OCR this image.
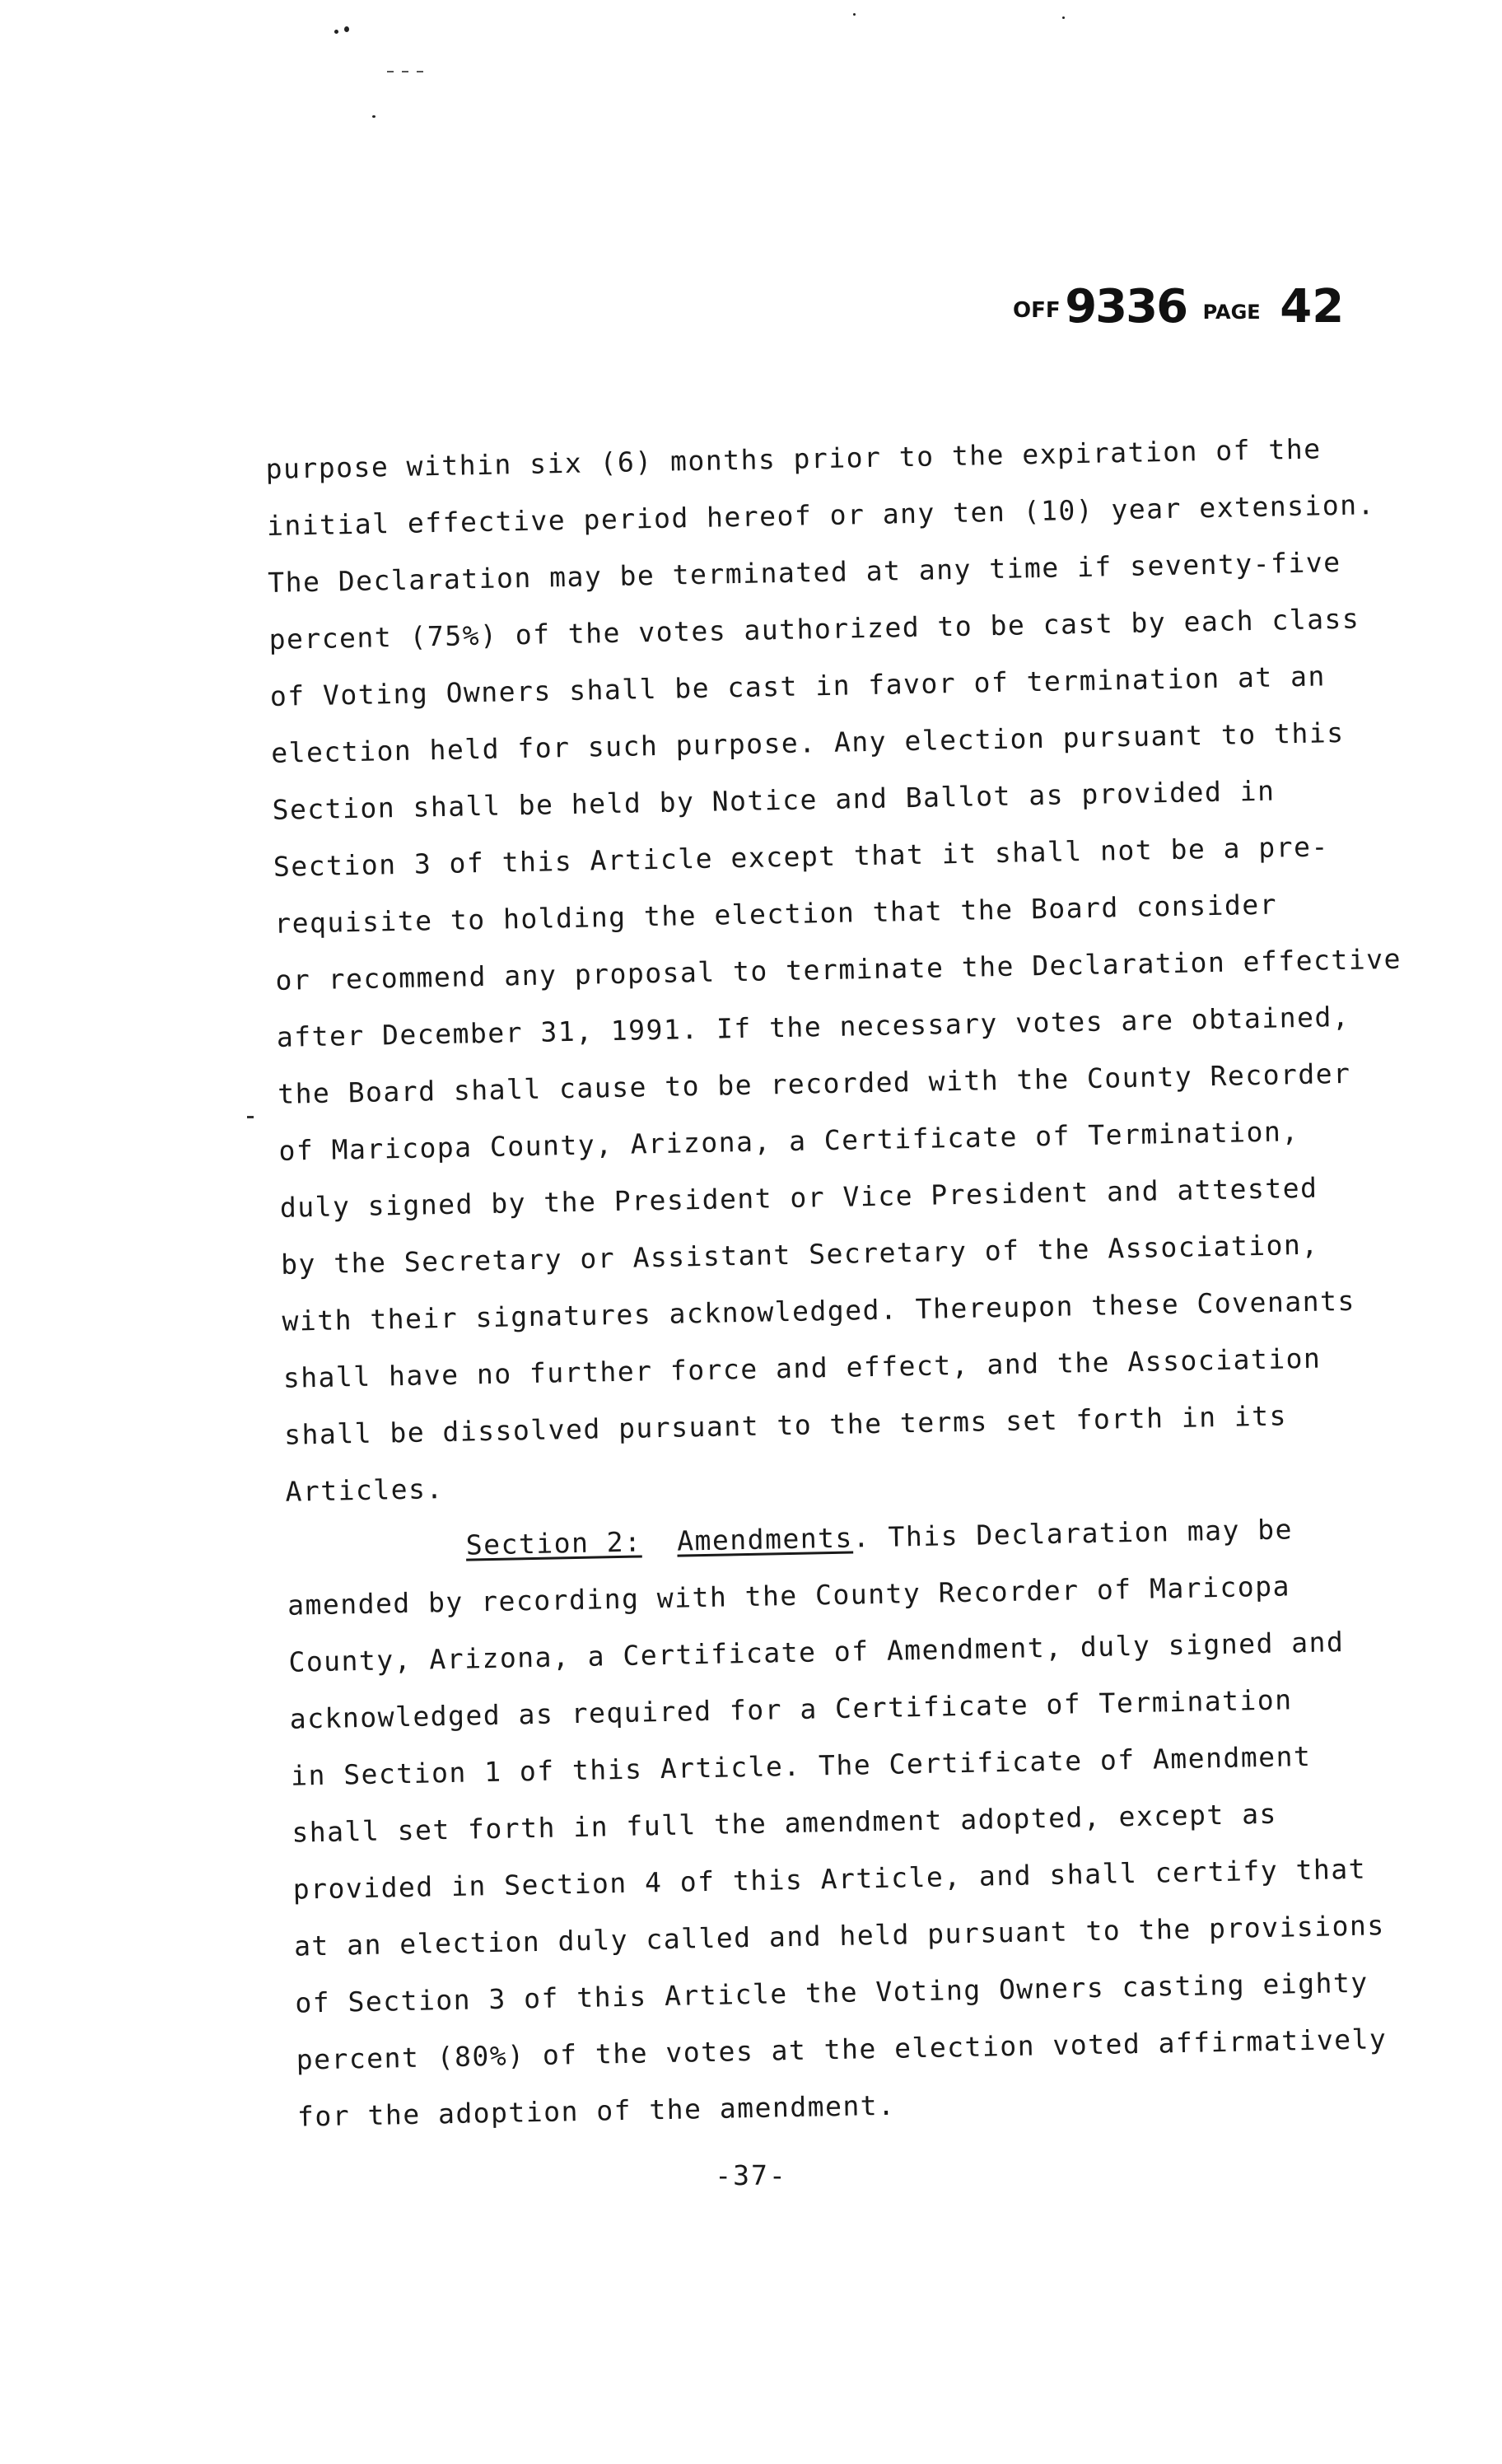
OFF 9336 PAGE 42
purpose within six (6) months prior to the expiration of the
initial effective period hereof or any ten (10) year extension.
The Declaration may be terminated at any time if seventy-five
percent (75%) of the votes authorized to be cast by each class
of Voting Owners shall be cast in favor of termination at an
election held for such purpose. Any election pursuant to this
Section shall be held by Notice and Ballot as provided in
Section 3 of this Article except that it shall not be a pre-
requisite to holding the election that the Board consider
or recommend any proposal to terminate the Declaration effective
after December 31, 1991. If the necessary votes are obtained,
the Board shall cause to be recorded with the County Recorder
of Maricopa County, Arizona, a Certificate of Termination,
duly signed by the President or Vice President and attested
by the Secretary or Assistant Secretary of the Association,
with their signatures acknowledged. Thereupon these Covenants
shall have no further force and effect, and the Association
shall be dissolved pursuant to the terms set forth in its
Articles.
Section 2: Amendments. This Declaration may be
amended by recording with the County Recorder of Maricopa
County, Arizona, a Certificate of Amendment, duly signed and
acknowledged as required for a Certificate of Termination
in Section 1 of this Article. The Certificate of Amendment
shall set forth in full the amendment adopted, except as
provided in Section 4 of this Article, and shall certify that
at an election duly called and held pursuant to the provisions
of Section 3 of this Article the Voting Owners casting eighty
percent (80%) of the votes at the election voted affirmatively
for the adoption of the amendment.
-37-
